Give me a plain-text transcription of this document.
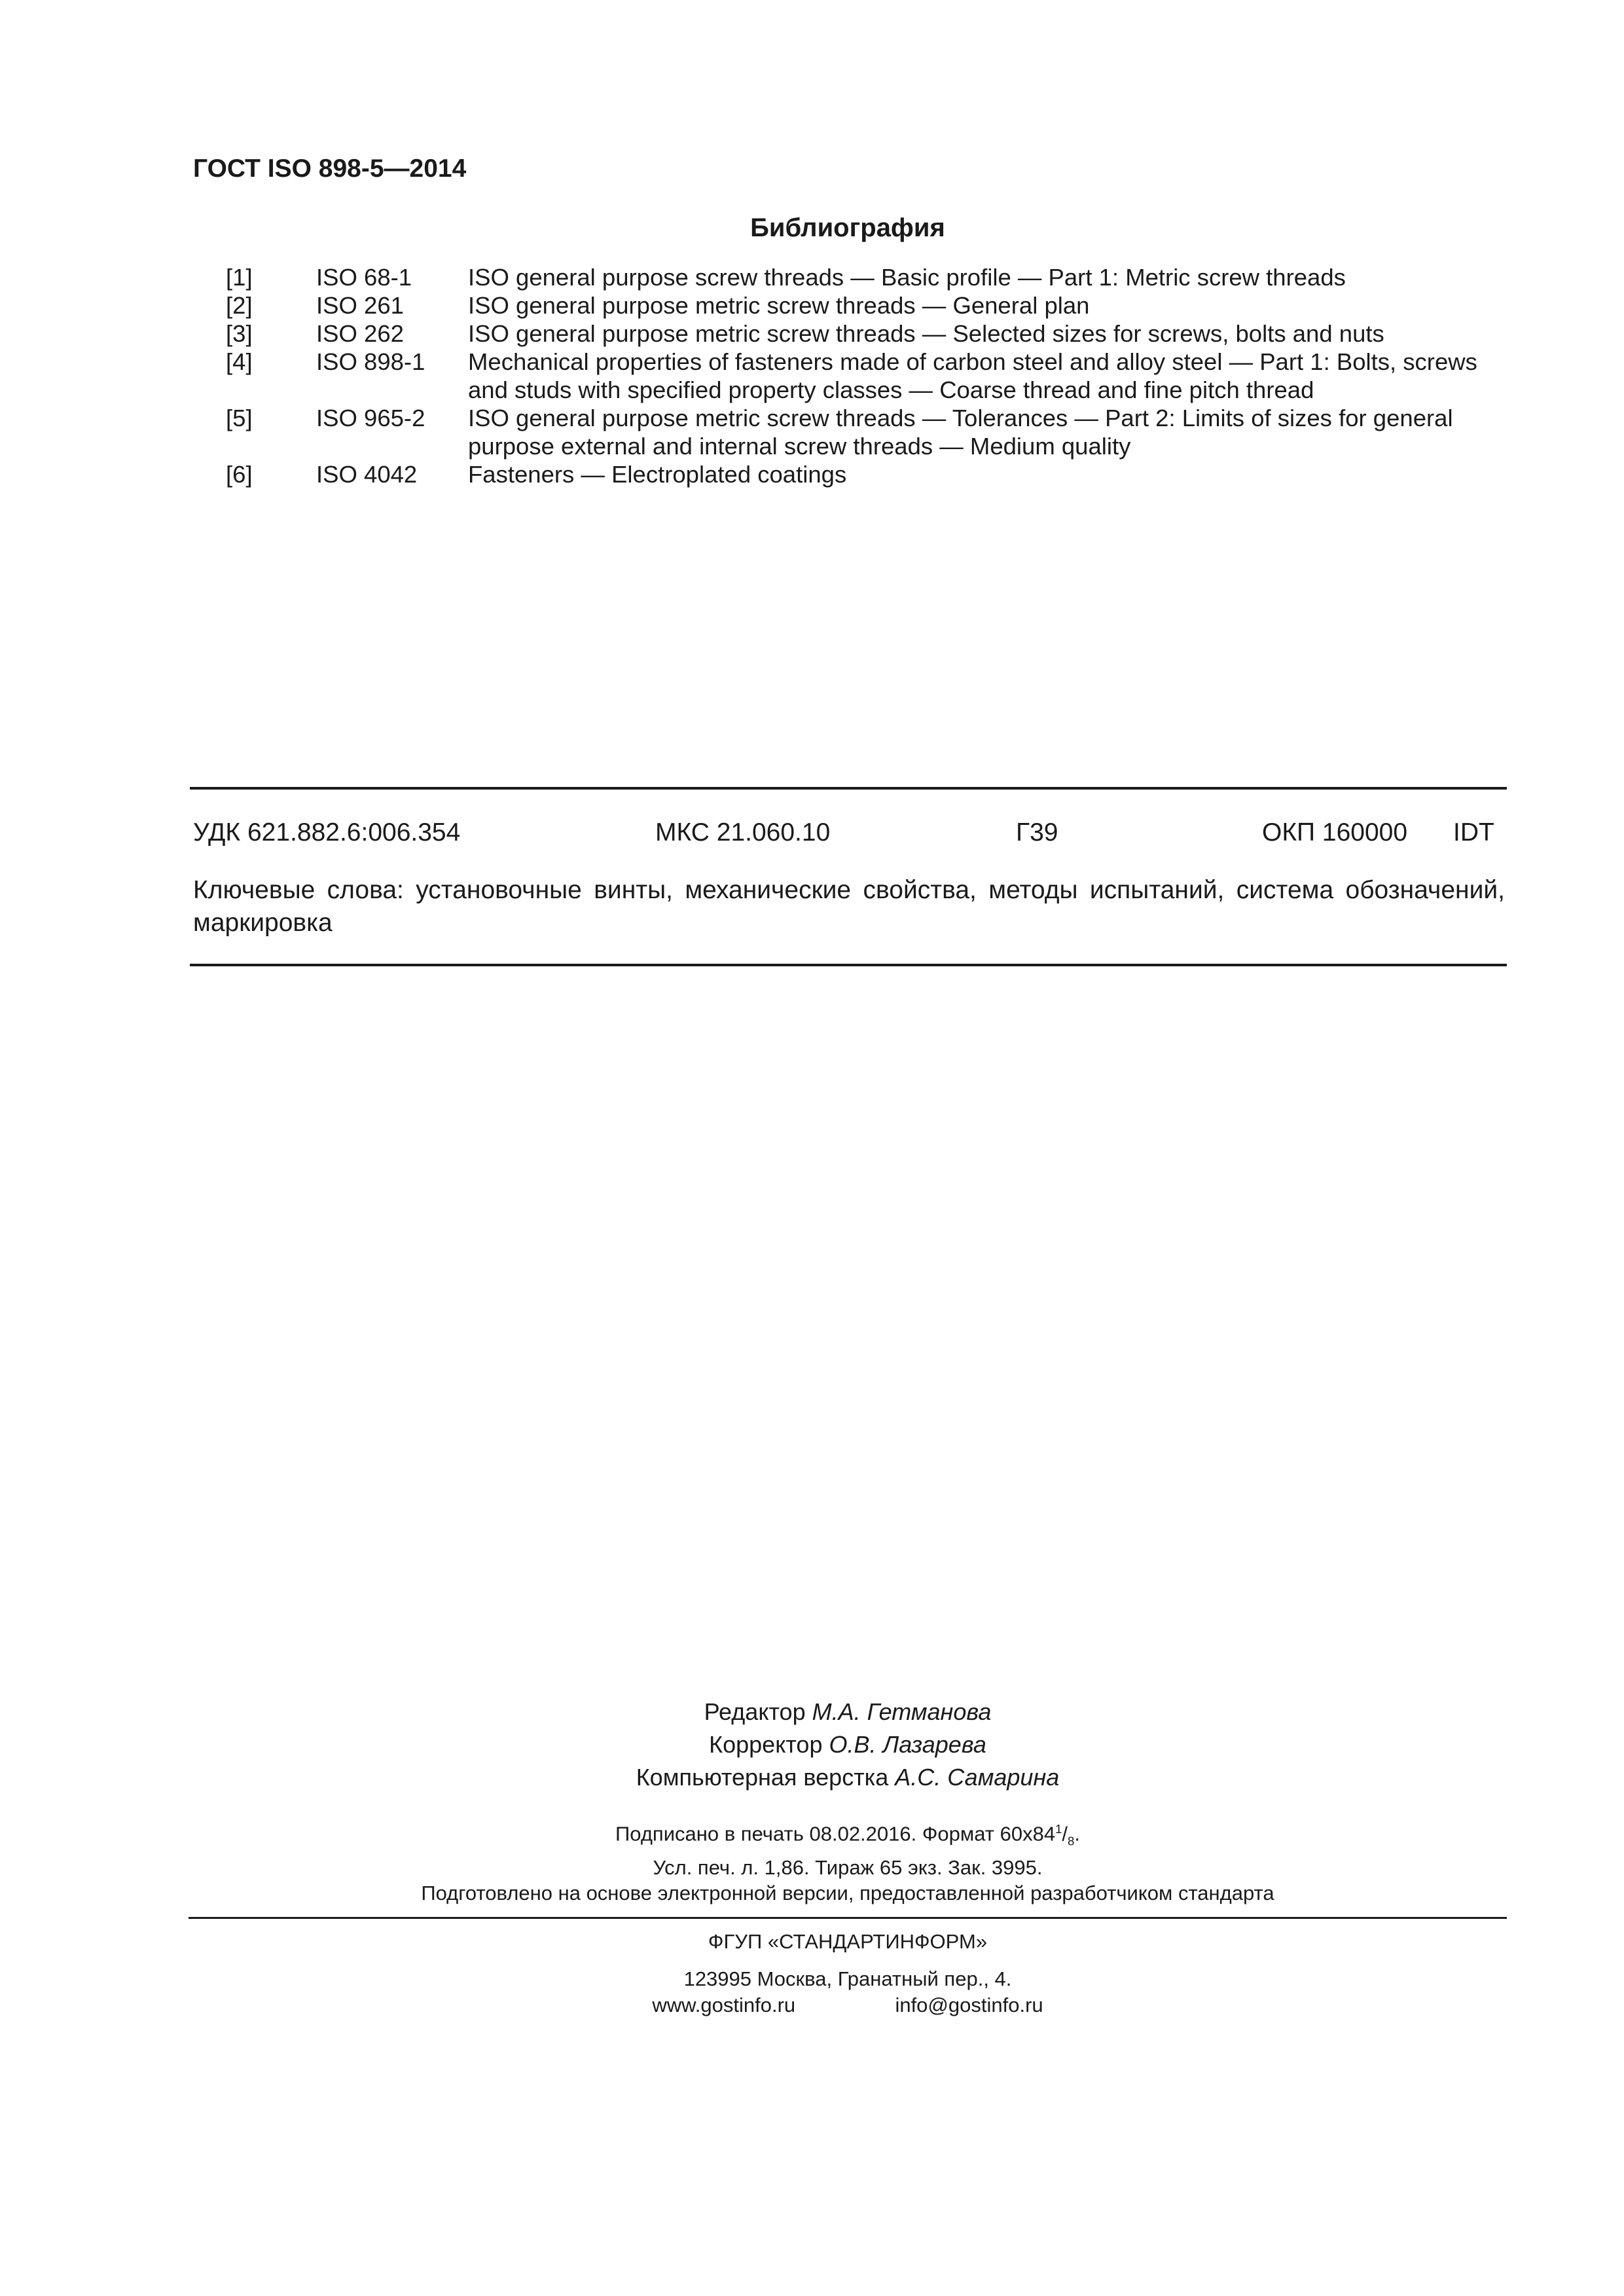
ГОСТ ISO 898-5—2014
Библиография
[1]	ISO 68-1	ISO general purpose screw threads — Basic profile — Part 1: Metric screw threads
[2]	ISO 261	ISO general purpose metric screw threads — General plan
[3]	ISO 262	ISO general purpose metric screw threads — Selected sizes for screws, bolts and nuts
[4]	ISO 898-1	Mechanical properties of fasteners made of carbon steel and alloy steel — Part 1: Bolts, screws and studs with specified property classes — Coarse thread and fine pitch thread
[5]	ISO 965-2	ISO general purpose metric screw threads — Tolerances — Part 2: Limits of sizes for general purpose external and internal screw threads — Medium quality
[6]	ISO 4042	Fasteners — Electroplated coatings
УДК 621.882.6:006.354	МКС 21.060.10	Г39	ОКП 160000 IDT
Ключевые слова: установочные винты, механические свойства, методы испытаний, система обозначений, маркировка
Редактор М.А. Гетманова
Корректор О.В. Лазарева
Компьютерная верстка А.С. Самарина
Подписано в печать 08.02.2016. Формат $60x84^1/_8$.
Усл. печ. л. 1,86. Тираж 65 экз. Зак. 3995.
Подготовлено на основе электронной версии, предоставленной разработчиком стандарта
ФГУП «СТАНДАРТИНФОРМ»
123995 Москва, Гранатный пер., 4.
www.gostinfo.ru	info@gostinfo.ru
